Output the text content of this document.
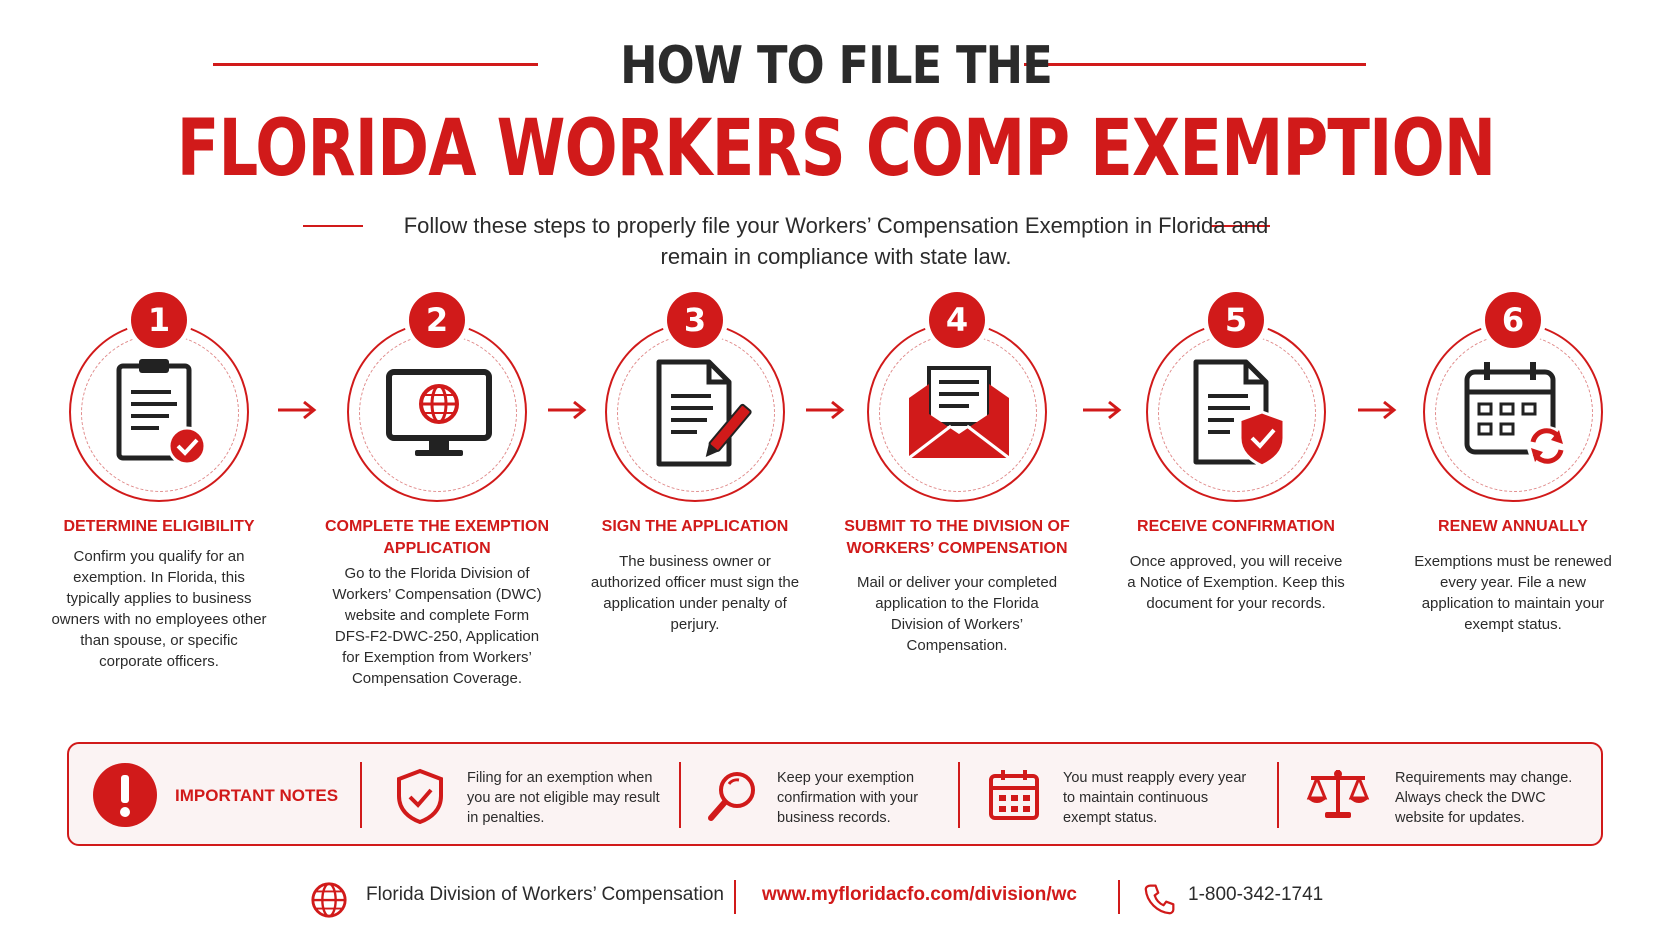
HOW TO FILE THE
FLORIDA WORKERS COMP EXEMPTION
Follow these steps to properly file your Workers’ Compensation Exemption in Florida and remain in compliance with state law.
1
DETERMINE ELIGIBILITY
Confirm you qualify for an exemption. In Florida, this typically applies to business owners with no employees other than spouse, or specific corporate officers.
2
COMPLETE THE EXEMPTION APPLICATION
Go to the Florida Division of Workers’ Compensation (DWC) website and complete Form DFS-F2-DWC-250, Application for Exemption from Workers’ Compensation Coverage.
3
SIGN THE APPLICATION
The business owner or authorized officer must sign the application under penalty of perjury.
4
SUBMIT TO THE DIVISION OF WORKERS’ COMPENSATION
Mail or deliver your completed application to the Florida Division of Workers’ Compensation.
5
RECEIVE CONFIRMATION
Once approved, you will receive a Notice of Exemption. Keep this document for your records.
6
RENEW ANNUALLY
Exemptions must be renewed every year. File a new application to maintain your exempt status.
IMPORTANT NOTES
Filing for an exemption when you are not eligible may result in penalties.
Keep your exemption confirmation with your business records.
You must reapply every year to maintain continuous exempt status.
Requirements may change. Always check the DWC website for updates.
Florida Division of Workers’ Compensation www.myfloridacfo.com/division/wc	1-800-342-1741
